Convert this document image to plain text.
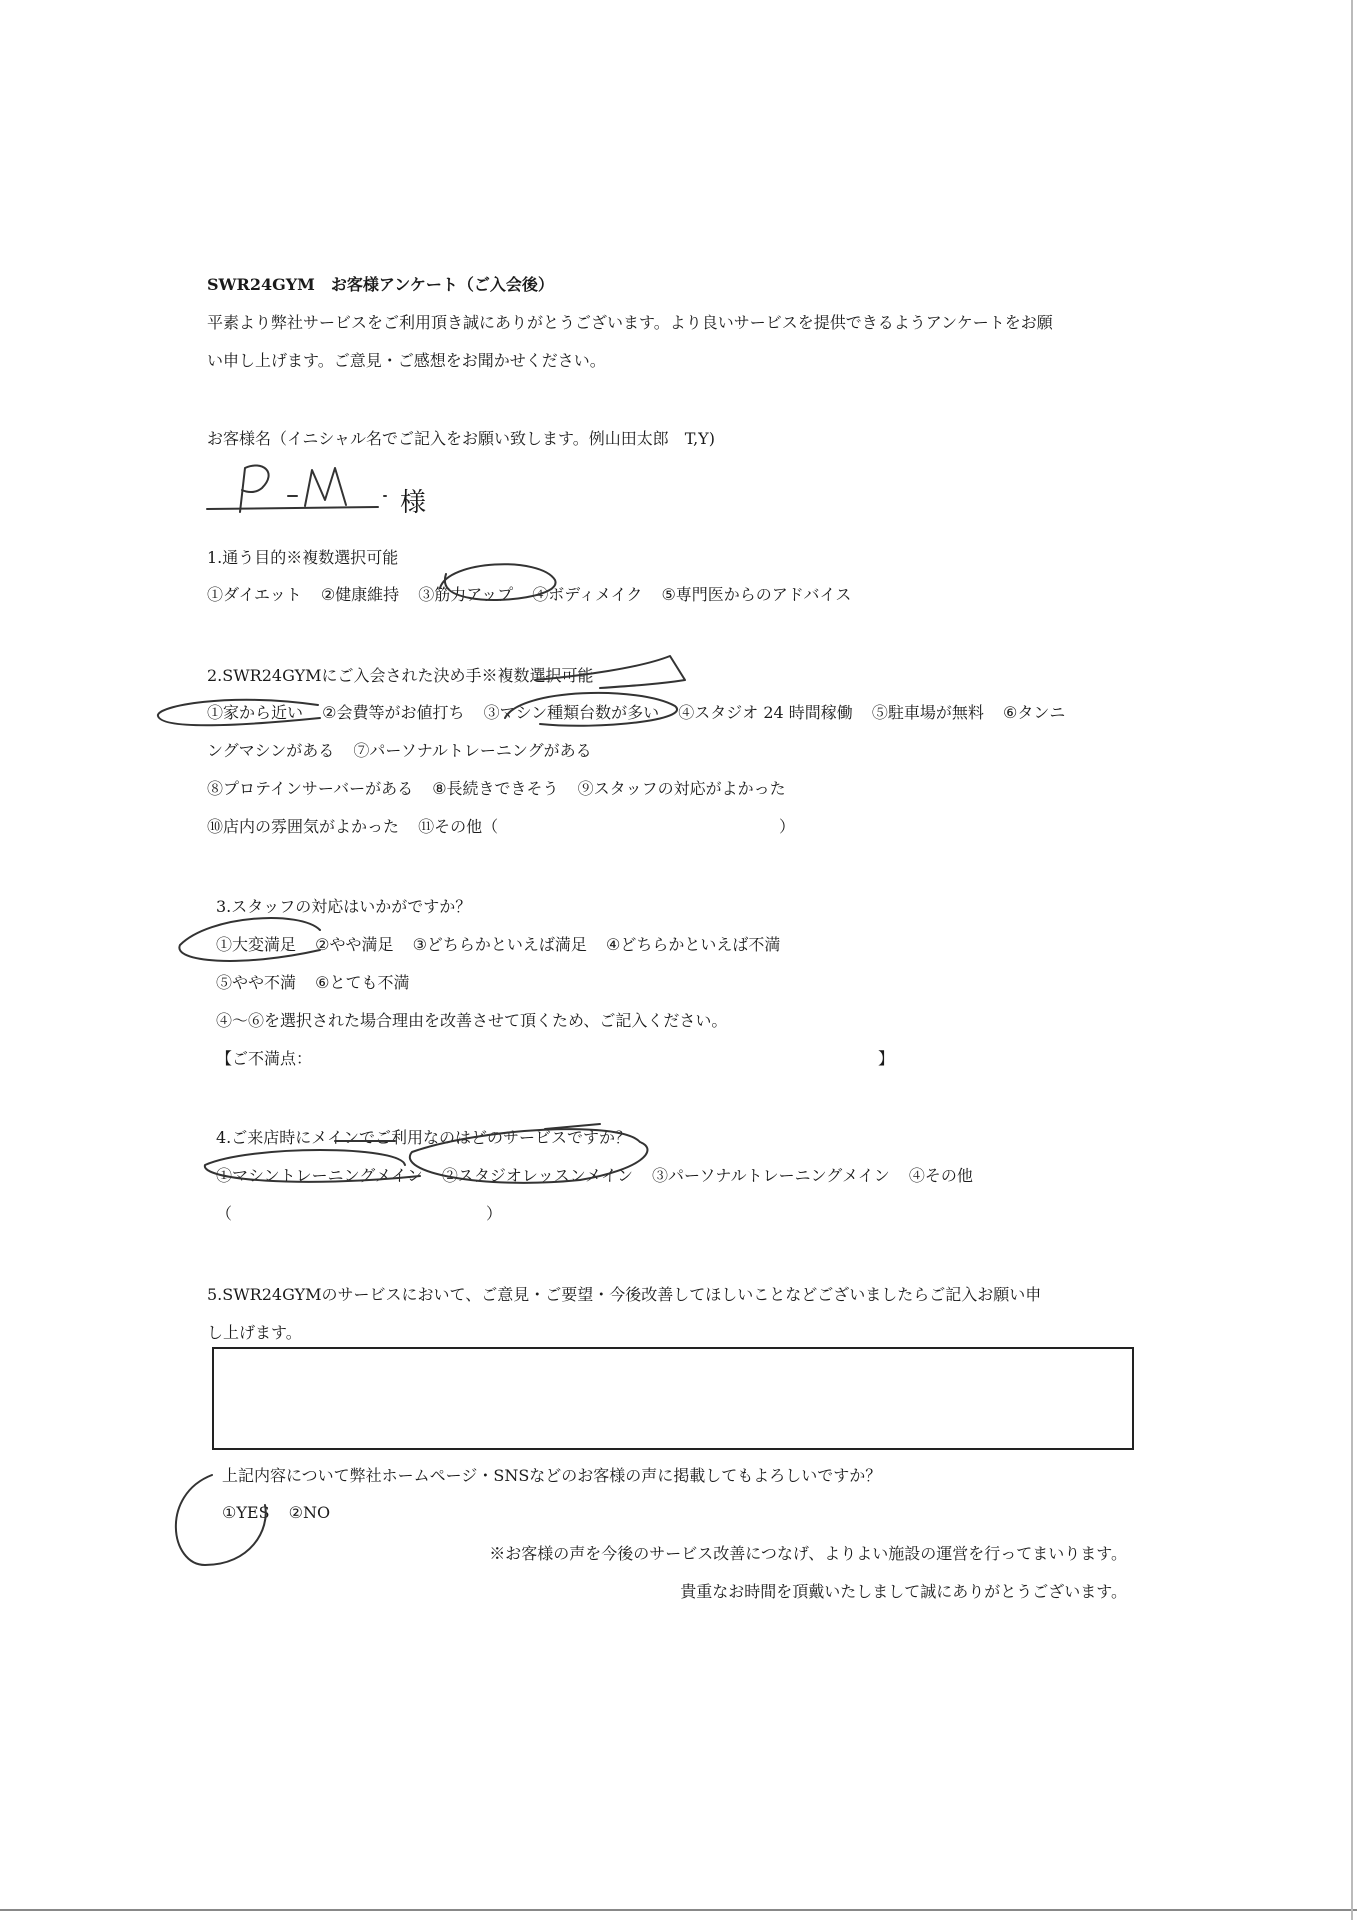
SWR24GYM　お客様アンケート（ご入会後）
平素より弊社サービスをご利用頂き誠にありがとうございます。より良いサービスを提供できるようアンケートをお願
い申し上げます。ご意見・ご感想をお聞かせください。
お客様名（イニシャル名でご記入をお願い致します。例山田太郎　T,Y)
様
1.通う目的※複数選択可能
①ダイエット ②健康維持 ③筋力アップ ④ボディメイク ⑤専門医からのアドバイス
2.SWR24GYMにご入会された決め手※複数選択可能
①家から近い ②会費等がお値打ち ③マシン種類台数が多い ④スタジオ 24 時間稼働 ⑤駐車場が無料 ⑥タンニ
ングマシンがある ⑦パーソナルトレーニングがある
⑧プロテインサーバーがある ⑧長続きできそう ⑨スタッフの対応がよかった
⑩店内の雰囲気がよかった ⑪その他（	）
3.スタッフの対応はいかがですか？
①大変満足 ②やや満足 ③どちらかといえば満足 ④どちらかといえば不満
⑤やや不満 ⑥とても不満
④～⑥を選択された場合理由を改善させて頂くため、ご記入ください。
【ご不満点：	】
4.ご来店時にメインでご利用なのはどのサービスですか？
①マシントレーニングメイン ②スタジオレッスンメイン ③パーソナルトレーニングメイン ④その他
（	）
5.SWR24GYMのサービスにおいて、ご意見・ご要望・今後改善してほしいことなどございましたらご記入お願い申
し上げます。
上記内容について弊社ホームページ・SNSなどのお客様の声に掲載してもよろしいですか？
①YES ②NO
※お客様の声を今後のサービス改善につなげ、よりよい施設の運営を行ってまいります。
貴重なお時間を頂戴いたしまして誠にありがとうございます。
